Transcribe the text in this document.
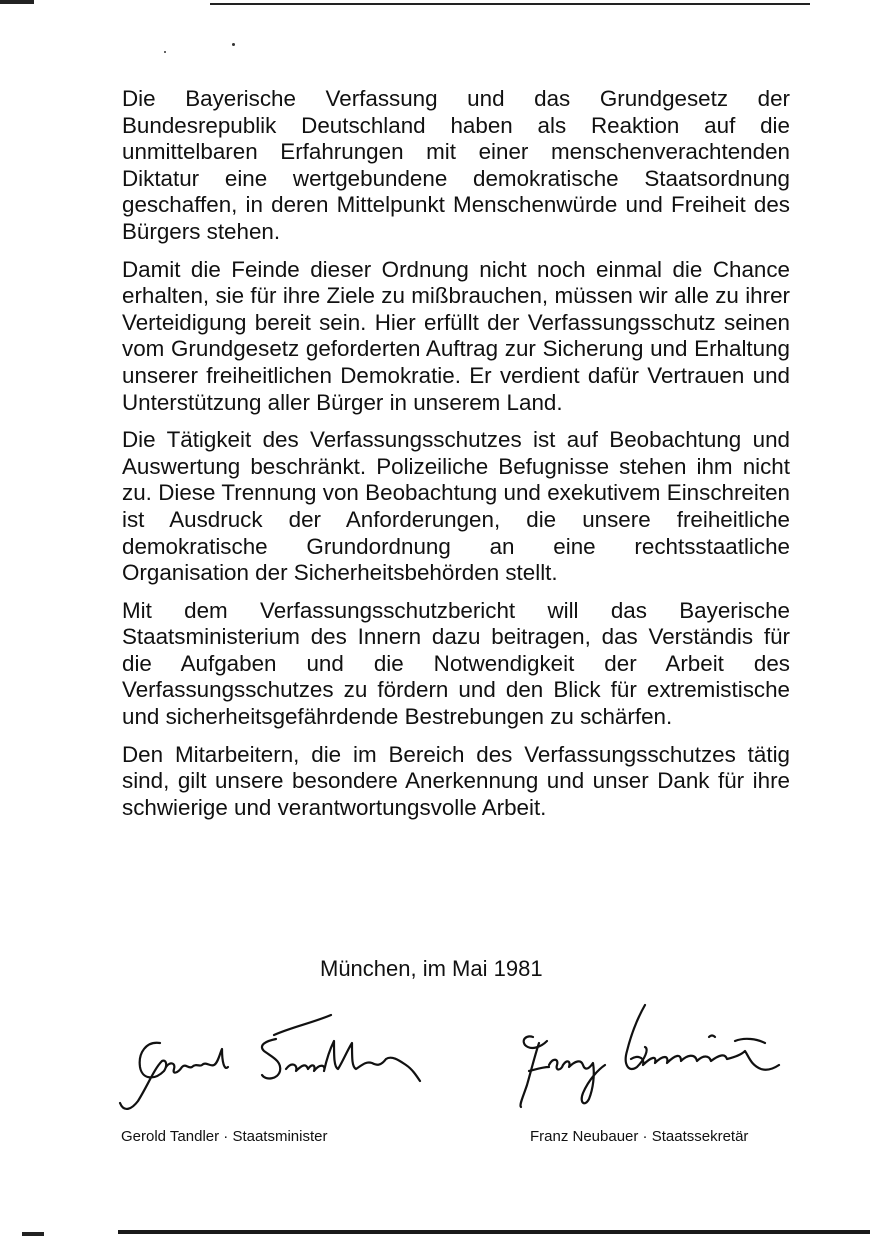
Die Bayerische Verfassung und das Grundgesetz der Bundesrepublik Deutschland haben als Reaktion auf die unmittelbaren Erfahrungen mit einer menschenverachtenden Diktatur eine wertgebundene demokratische Staatsordnung geschaffen, in deren Mittelpunkt Menschenwürde und Freiheit des Bürgers stehen.

Damit die Feinde dieser Ordnung nicht noch einmal die Chance erhalten, sie für ihre Ziele zu mißbrauchen, müssen wir alle zu ihrer Verteidigung bereit sein. Hier erfüllt der Verfassungsschutz seinen vom Grundgesetz geforderten Auftrag zur Sicherung und Erhaltung unserer freiheitlichen Demokratie. Er verdient dafür Vertrauen und Unterstützung aller Bürger in unserem Land.

Die Tätigkeit des Verfassungsschutzes ist auf Beobachtung und Auswertung beschränkt. Polizeiliche Befugnisse stehen ihm nicht zu. Diese Trennung von Beobachtung und exekutivem Einschreiten ist Ausdruck der Anforderungen, die unsere freiheitliche demokratische Grundordnung an eine rechtsstaatliche Organisation der Sicherheitsbehörden stellt.

Mit dem Verfassungsschutzbericht will das Bayerische Staatsministerium des Innern dazu beitragen, das Verständis für die Aufgaben und die Notwendigkeit der Arbeit des Verfassungsschutzes zu fördern und den Blick für extremistische und sicherheitsgefährdende Bestrebungen zu schärfen.

Den Mitarbeitern, die im Bereich des Verfassungsschutzes tätig sind, gilt unsere besondere Anerkennung und unser Dank für ihre schwierige und verantwortungsvolle Arbeit.

München, im Mai 1981
Gerold Tandler · Staatsminister	Franz Neubauer · Staatssekretär
